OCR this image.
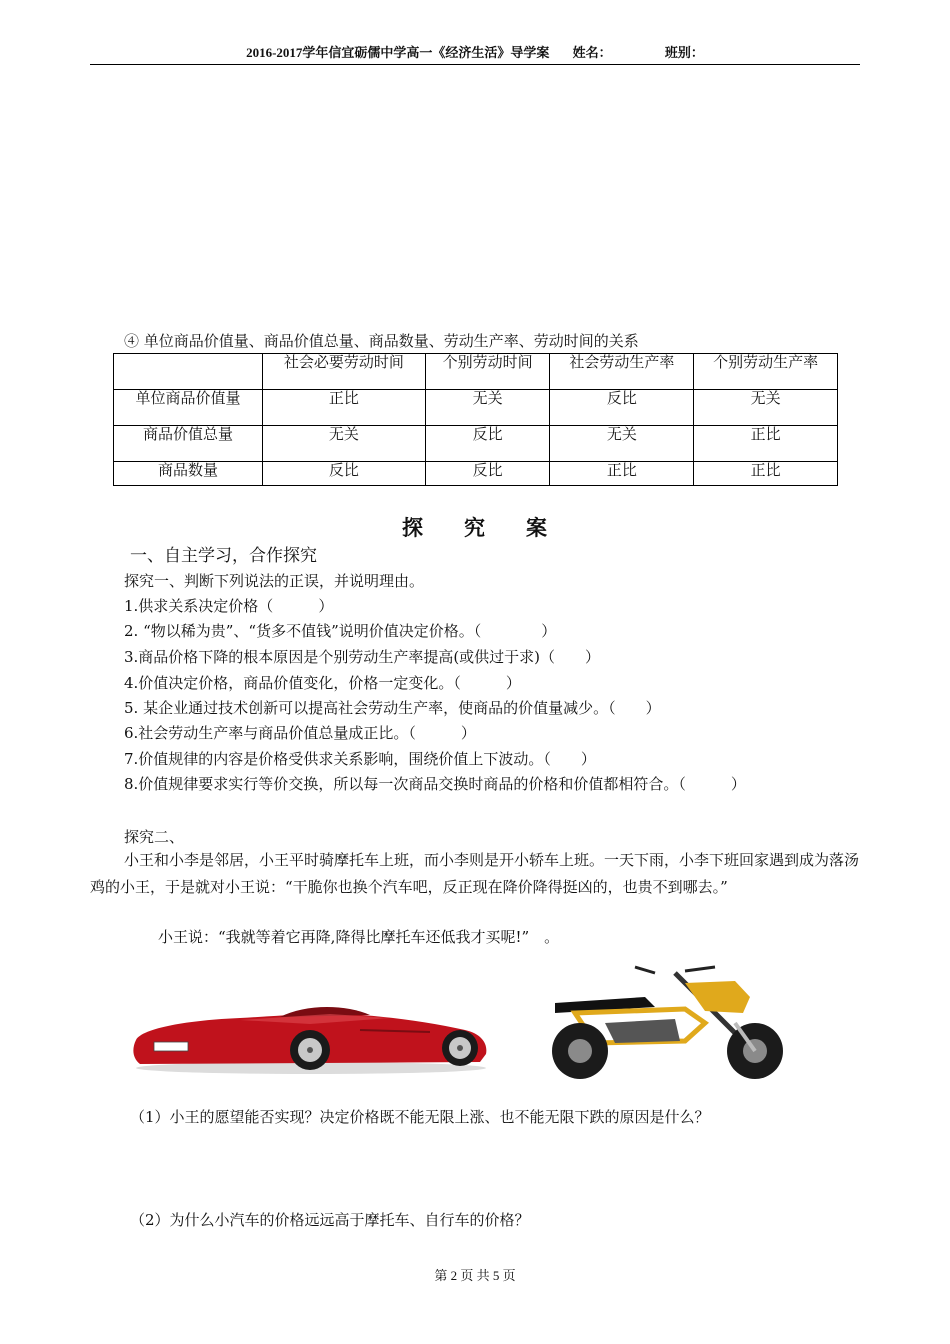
2016-2017学年信宜砺儒中学高一《经济生活》导学案 姓名：	班别：
④ 单位商品价值量、商品价值总量、商品数量、劳动生产率、劳动时间的关系
	社会必要劳动时间	个别劳动时间	社会劳动生产率	个别劳动生产率
单位商品价值量	正比	无关	反比	无关
商品价值总量	无关	反比	无关	正比
商品数量	反比	反比	正比	正比
探 究 案
一、自主学习，合作探究
探究一、判断下列说法的正误，并说明理由。
1.供求关系决定价格（　　　）
2. “物以稀为贵”、“货多不值钱”说明价值决定价格。（　　　　）
3.商品价格下降的根本原因是个别劳动生产率提高(或供过于求)（　　）
4.价值决定价格，商品价值变化，价格一定变化。（　　　）
5. 某企业通过技术创新可以提高社会劳动生产率，使商品的价值量减少。（　　）
6.社会劳动生产率与商品价值总量成正比。（　　　）
7.价值规律的内容是价格受供求关系影响，围绕价值上下波动。（　　）
8.价值规律要求实行等价交换，所以每一次商品交换时商品的价格和价值都相符合。（　　　）
探究二、
小王和小李是邻居，小王平时骑摩托车上班，而小李则是开小轿车上班。一天下雨，小李下班回家遇到成为落汤鸡的小王，于是就对小王说：“干脆你也换个汽车吧，反正现在降价降得挺凶的，也贵不到哪去。”
小王说：“我就等着它再降,降得比摩托车还低我才买呢!”　。
（1）小王的愿望能否实现？决定价格既不能无限上涨、也不能无限下跌的原因是什么？
（2）为什么小汽车的价格远远高于摩托车、自行车的价格？
第 2 页 共 5 页
